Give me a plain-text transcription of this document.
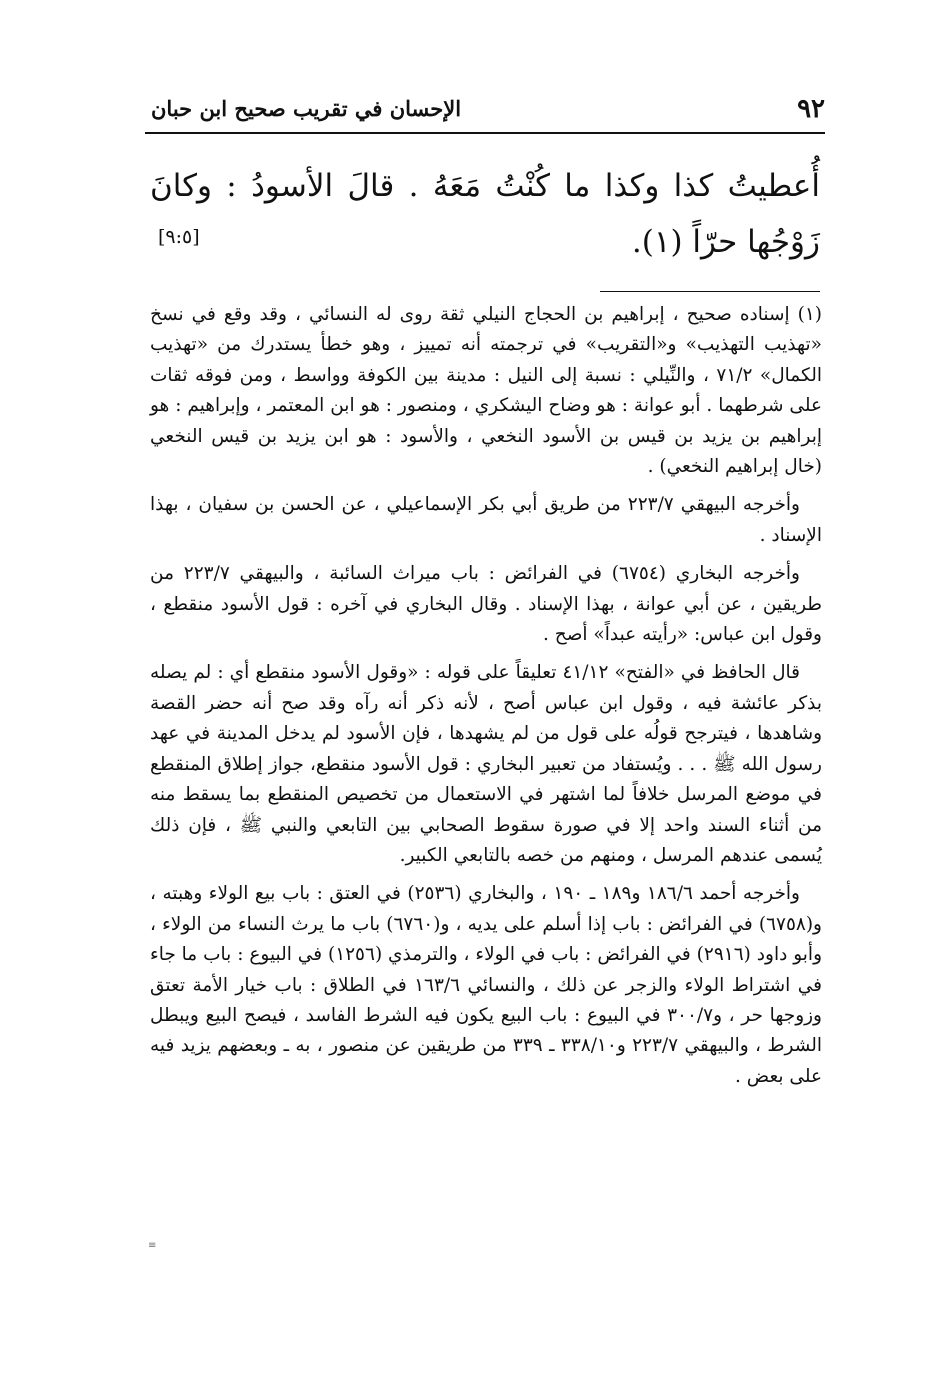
٩٢
الإحسان في تقريب صحيح ابن حبان
أُعطيتُ كذا وكذا ما كُنْتُ مَعَهُ . قالَ الأسودُ : وكانَ زَوْجُها حرّاً (١).
[٩:٥]

(١) إسناده صحيح ، إبراهيم بن الحجاج النيلي ثقة روى له النسائي ، وقد وقع في نسخ «تهذيب التهذيب» و«التقريب» في ترجمته أنه تمييز ، وهو خطأ يستدرك من «تهذيب الكمال» ٧١/٢ ، والنِّيلي : نسبة إلى النيل : مدينة بين الكوفة وواسط ، ومن فوقه ثقات على شرطهما . أبو عوانة : هو وضاح اليشكري ، ومنصور : هو ابن المعتمر ، وإبراهيم : هو إبراهيم بن يزيد بن قيس بن الأسود النخعي ، والأسود : هو ابن يزيد بن قيس النخعي (خال إبراهيم النخعي) .

وأخرجه البيهقي ٢٢٣/٧ من طريق أبي بكر الإسماعيلي ، عن الحسن بن سفيان ، بهذا الإسناد .

وأخرجه البخاري (٦٧٥٤) في الفرائض : باب ميراث السائبة ، والبيهقي ٢٢٣/٧ من طريقين ، عن أبي عوانة ، بهذا الإسناد . وقال البخاري في آخره : قول الأسود منقطع ، وقول ابن عباس: «رأيته عبداً» أصح .

قال الحافظ في «الفتح» ٤١/١٢ تعليقاً على قوله : «وقول الأسود منقطع أي : لم يصله بذكر عائشة فيه ، وقول ابن عباس أصح ، لأنه ذكر أنه رآه وقد صح أنه حضر القصة وشاهدها ، فيترجح قولُه على قول من لم يشهدها ، فإن الأسود لم يدخل المدينة في عهد رسول الله ﷺ . . . ويُستفاد من تعبير البخاري : قول الأسود منقطع، جواز إطلاق المنقطع في موضع المرسل خلافاً لما اشتهر في الاستعمال من تخصيص المنقطع بما يسقط منه من أثناء السند واحد إلا في صورة سقوط الصحابي بين التابعي والنبي ﷺ ، فإن ذلك يُسمى عندهم المرسل ، ومنهم من خصه بالتابعي الكبير.

وأخرجه أحمد ١٨٦/٦ و١٨٩ ـ ١٩٠ ، والبخاري (٢٥٣٦) في العتق : باب بيع الولاء وهبته ، و(٦٧٥٨) في الفرائض : باب إذا أسلم على يديه ، و(٦٧٦٠) باب ما يرث النساء من الولاء ، وأبو داود (٢٩١٦) في الفرائض : باب في الولاء ، والترمذي (١٢٥٦) في البيوع : باب ما جاء في اشتراط الولاء والزجر عن ذلك ، والنسائي ١٦٣/٦ في الطلاق : باب خيار الأمة تعتق وزوجها حر ، و٣٠٠/٧ في البيوع : باب البيع يكون فيه الشرط الفاسد ، فيصح البيع ويبطل الشرط ، والبيهقي ٢٢٣/٧ و٣٣٨/١٠ ـ ٣٣٩ من طريقين عن منصور ، به ـ وبعضهم يزيد فيه على بعض .

≡
